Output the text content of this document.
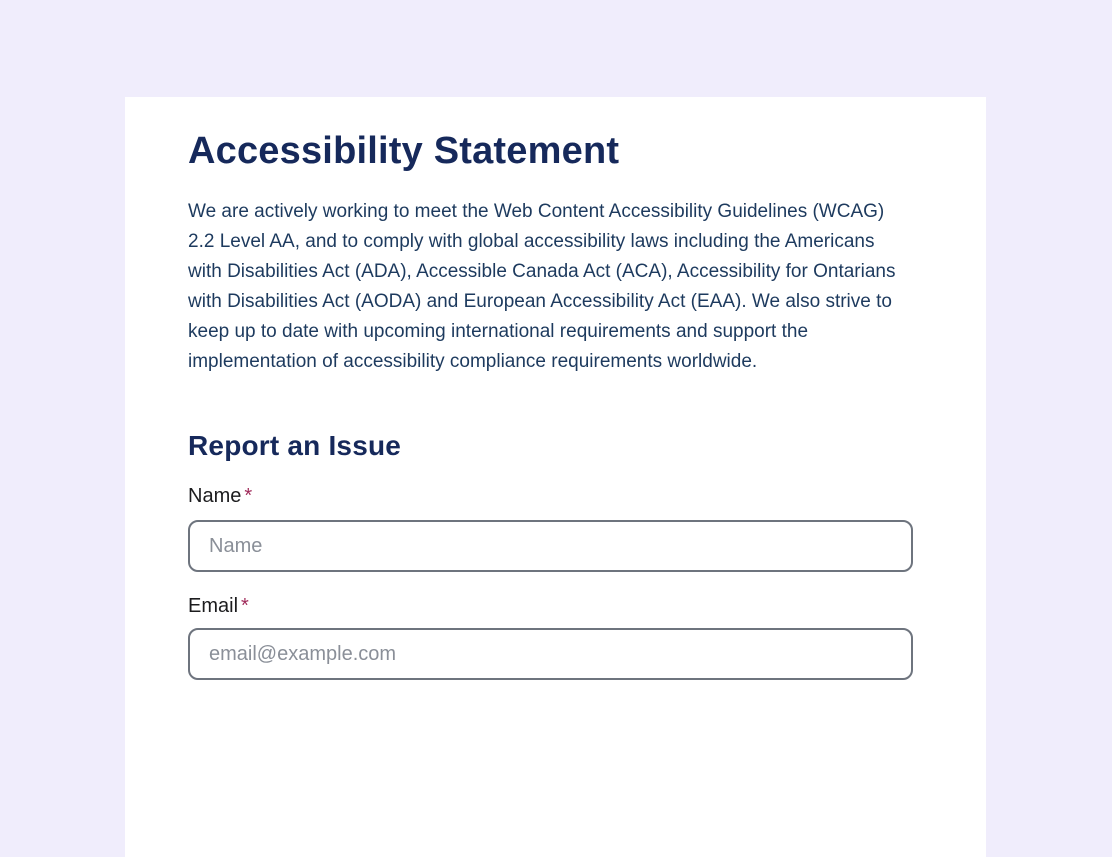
Accessibility Statement

We are actively working to meet the Web Content Accessibility Guidelines (WCAG) 2.2 Level AA, and to comply with global accessibility laws including the Americans with Disabilities Act (ADA), Accessible Canada Act (ACA), Accessibility for Ontarians with Disabilities Act (AODA) and European Accessibility Act (EAA). We also strive to keep up to date with upcoming international requirements and support the implementation of accessibility compliance requirements worldwide.

Report an Issue
Name *
Name
Email *
email@example.com
